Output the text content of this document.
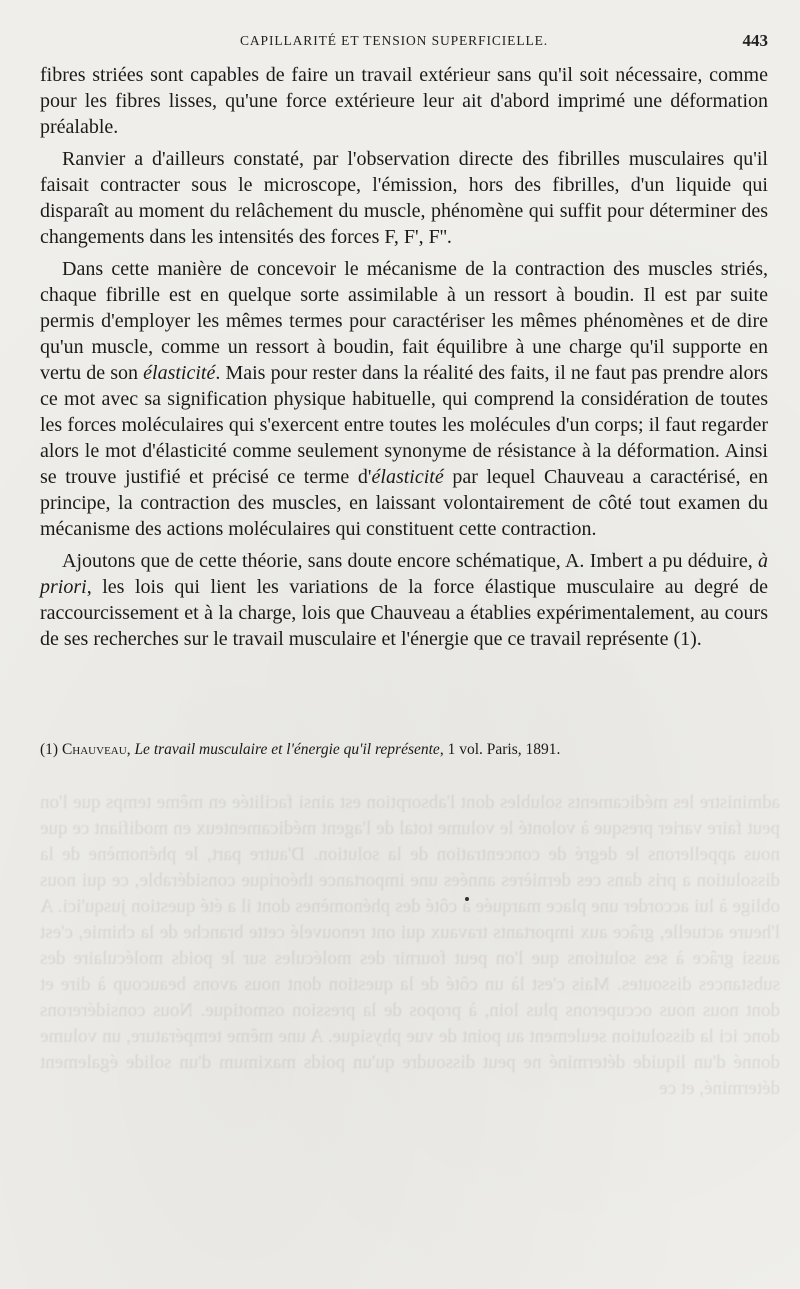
CAPILLARITÉ ET TENSION SUPERFICIELLE.	443

fibres striées sont capables de faire un travail extérieur sans qu'il soit nécessaire, comme pour les fibres lisses, qu'une force extérieure leur ait d'abord imprimé une déformation préalable.

Ranvier a d'ailleurs constaté, par l'observation directe des fibrilles musculaires qu'il faisait contracter sous le microscope, l'émission, hors des fibrilles, d'un liquide qui disparaît au moment du relâchement du muscle, phénomène qui suffit pour déterminer des changements dans les intensités des forces F, F', F''.

Dans cette manière de concevoir le mécanisme de la contraction des muscles striés, chaque fibrille est en quelque sorte assimilable à un ressort à boudin. Il est par suite permis d'employer les mêmes termes pour caractériser les mêmes phénomènes et de dire qu'un muscle, comme un ressort à boudin, fait équilibre à une charge qu'il supporte en vertu de son élasticité. Mais pour rester dans la réalité des faits, il ne faut pas prendre alors ce mot avec sa signification physique habituelle, qui comprend la considération de toutes les forces moléculaires qui s'exercent entre toutes les molécules d'un corps; il faut regarder alors le mot d'élasticité comme seulement synonyme de résistance à la déformation. Ainsi se trouve justifié et précisé ce terme d'élasticité par lequel Chauveau a caractérisé, en principe, la contraction des muscles, en laissant volontairement de côté tout examen du mécanisme des actions moléculaires qui constituent cette contraction.

Ajoutons que de cette théorie, sans doute encore schématique, A. Imbert a pu déduire, à priori, les lois qui lient les variations de la force élastique musculaire au degré de raccourcissement et à la charge, lois que Chauveau a établies expérimentalement, au cours de ses recherches sur le travail musculaire et l'énergie que ce travail représente (1).

(1) Chauveau, Le travail musculaire et l'énergie qu'il représente, 1 vol. Paris, 1891.
administre les médicaments solubles dont l'absorption est ainsi facilitée en même temps que l'on peut faire varier presque à volonté le volume total de l'agent médicamenteux en modifiant ce que nous appellerons le degré de concentration de la solution. D'autre part, le phénomène de la dissolution a pris dans ces dernières années une importance théorique considérable, ce qui nous oblige à lui accorder une place marquée à côté des phénomènes dont il a été question jusqu'ici. A l'heure actuelle, grâce aux importants travaux qui ont renouvelé cette branche de la chimie, c'est aussi grâce à ses solutions que l'on peut fournir des molécules sur le poids moléculaire des substances dissoutes. Mais c'est là un côté de la question dont nous avons beaucoup à dire et dont nous nous occuperons plus loin, à propos de la pression osmotique. Nous considérerons donc ici la dissolution seulement au point de vue physique. A une même température, un volume donné d'un liquide déterminé ne peut dissoudre qu'un poids maximum d'un solide également déterminé, et ce
